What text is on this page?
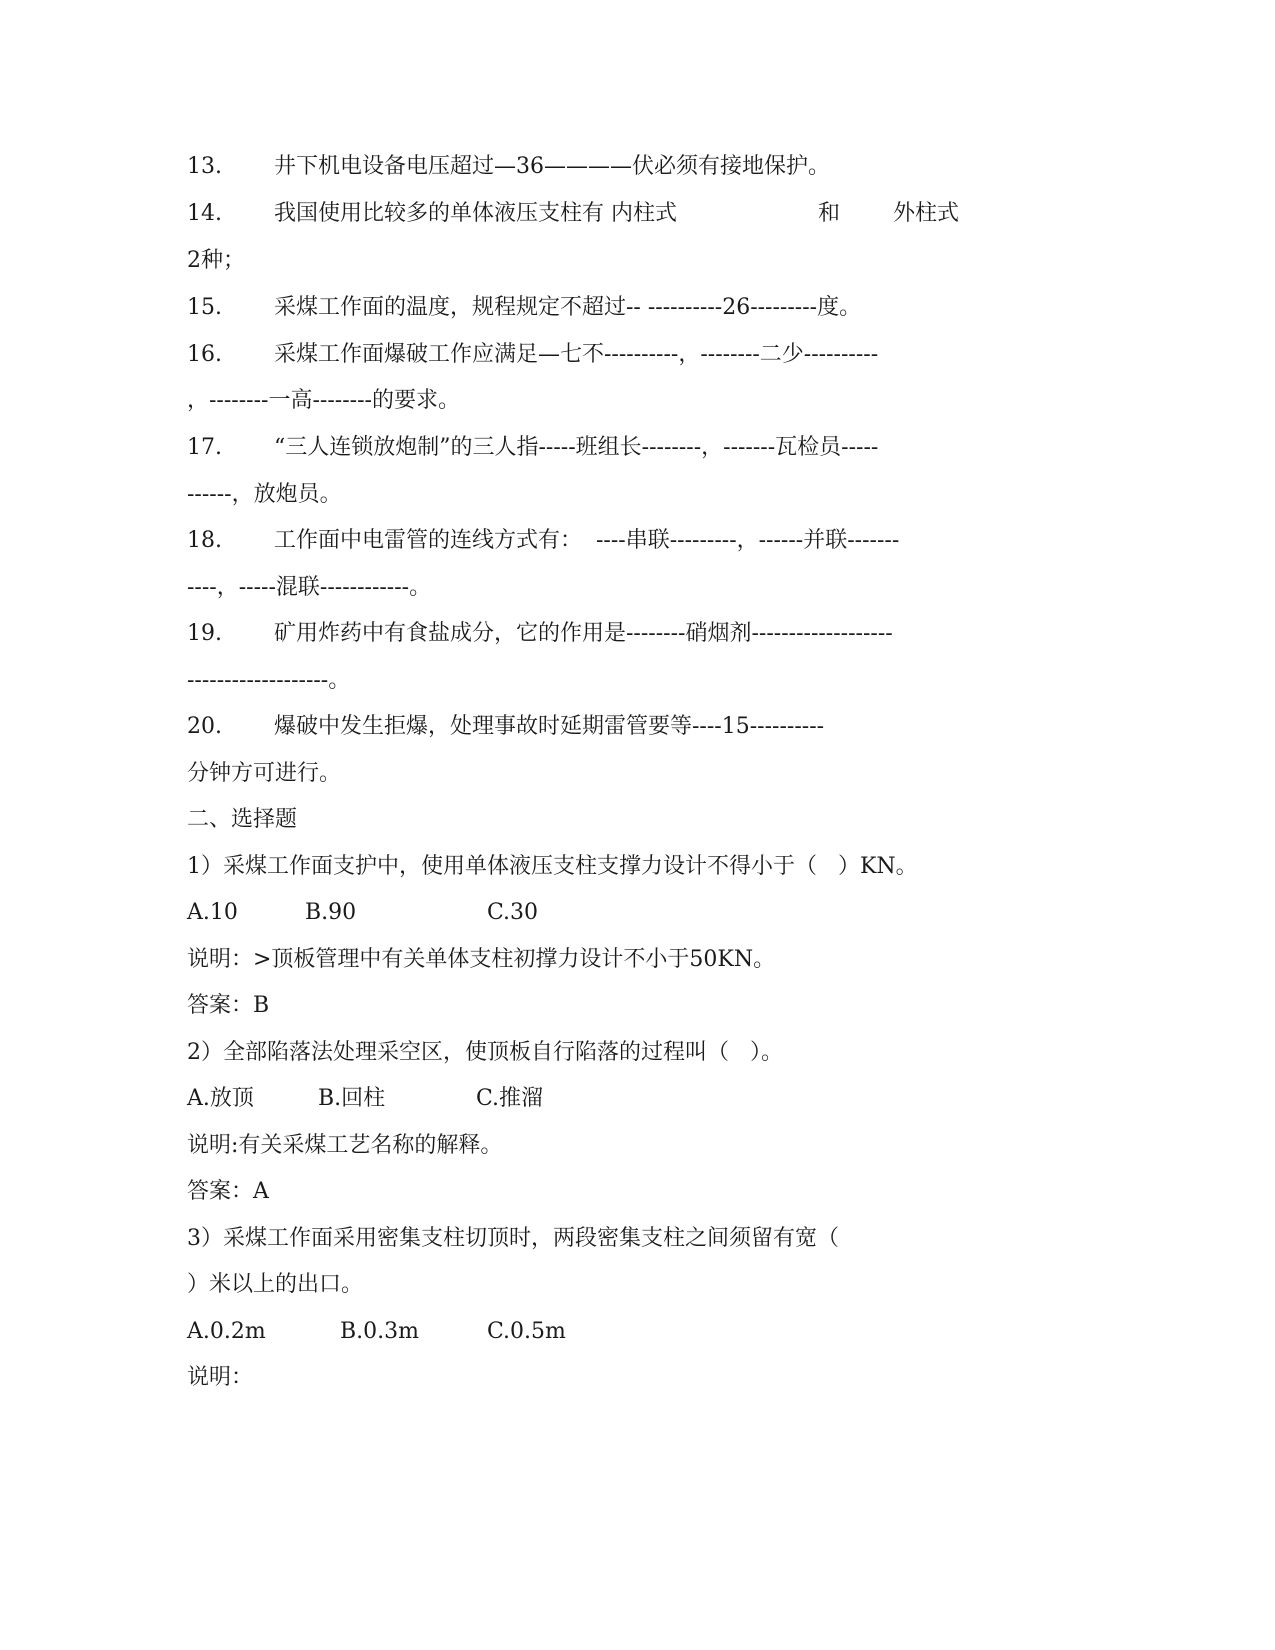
13. 井下机电设备电压超过—36————伏必须有接地保护。
14. 我国使用比较多的单体液压支柱有 内柱式	和 外柱式
2种；
15. 采煤工作面的温度，规程规定不超过-- ----------26---------度。
16. 采煤工作面爆破工作应满足—七不----------，--------二少----------
，--------一高--------的要求。
17. “三人连锁放炮制”的三人指-----班组长--------，-------瓦检员-----
------，放炮员。
18. 工作面中电雷管的连线方式有：  ----串联---------，------并联-------
----，-----混联------------。
19. 矿用炸药中有食盐成分，它的作用是--------硝烟剂-------------------
-------------------。
20. 爆破中发生拒爆，处理事故时延期雷管要等----15----------
分钟方可进行。
二、选择题
1）采煤工作面支护中，使用单体液压支柱支撑力设计不得小于（   ）KN。
A.10	B.90	C.30
说明：>顶板管理中有关单体支柱初撑力设计不小于50KN。
答案：B
2）全部陷落法处理采空区，使顶板自行陷落的过程叫（   ）。
A.放顶	B.回柱	C.推溜
说明:有关采煤工艺名称的解释。
答案：A
3）采煤工作面采用密集支柱切顶时，两段密集支柱之间须留有宽（
）米以上的出口。
A.0.2m	B.0.3m	C.0.5m
说明：
